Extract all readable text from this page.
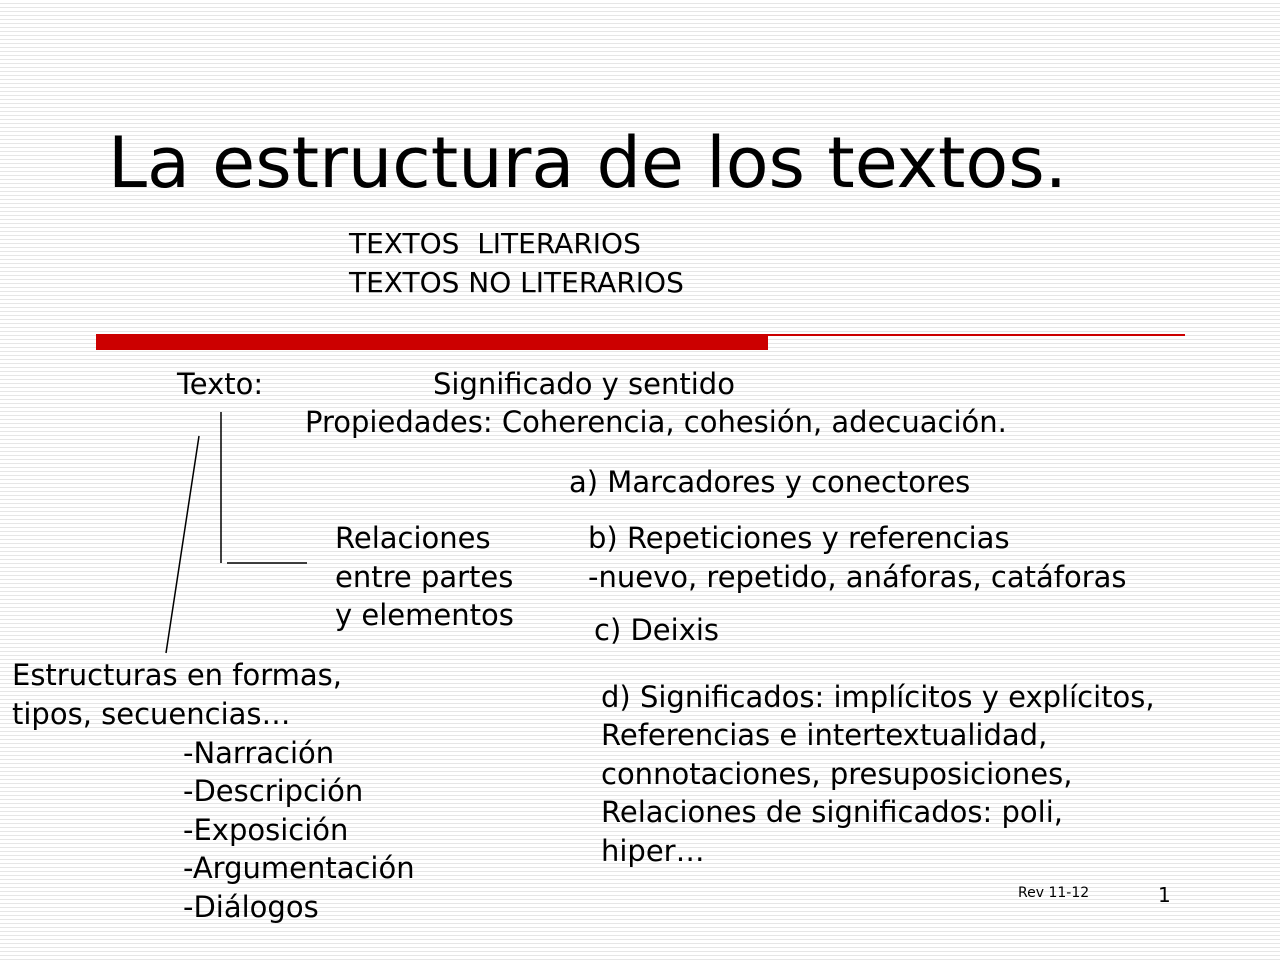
La estructura de los textos.
TEXTOS  LITERARIOS
TEXTOS NO LITERARIOS
Texto:	Significado y sentido
Propiedades: Coherencia, cohesión, adecuación.
a) Marcadores y conectores
Relaciones
entre partes
y elementos
b) Repeticiones y referencias
-nuevo, repetido, anáforas, catáforas
c) Deixis
Estructuras en formas,
tipos, secuencias…
-Narración
-Descripción
-Exposición
-Argumentación
-Diálogos
d) Significados: implícitos y explícitos,
Referencias e intertextualidad,
connotaciones, presuposiciones,
Relaciones de significados: poli,
hiper…
Rev 11-12	1
